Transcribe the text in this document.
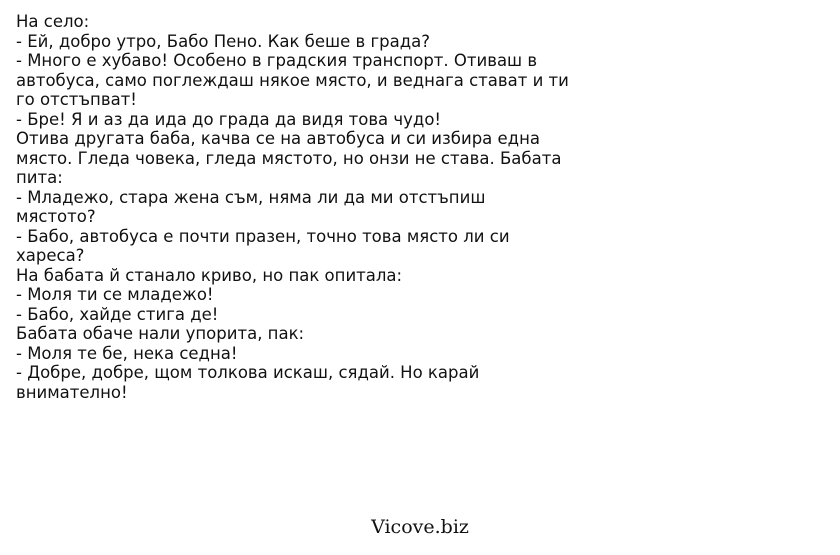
На село:
- Ей, добро утро, Бабо Пено. Как беше в града?
- Много е хубаво! Особено в градския транспорт. Отиваш в
автобуса, само поглеждаш някое място, и веднага стават и ти
го отстъпват!
- Бре! Я и аз да ида до града да видя това чудо!
Отива другата баба, качва се на автобуса и си избира една
място. Гледа човека, гледа мястото, но онзи не става. Бабата
пита:
- Младежо, стара жена съм, няма ли да ми отстъпиш
мястото?
- Бабо, автобуса е почти празен, точно това място ли си
хареса?
На бабата й станало криво, но пак опитала:
- Моля ти се младежо!
- Бабо, хайде стига де!
Бабата обаче нали упорита, пак:
- Моля те бе, нека седна!
- Добре, добре, щом толкова искаш, сядай. Но карай
внимателно!
Vicove.biz
